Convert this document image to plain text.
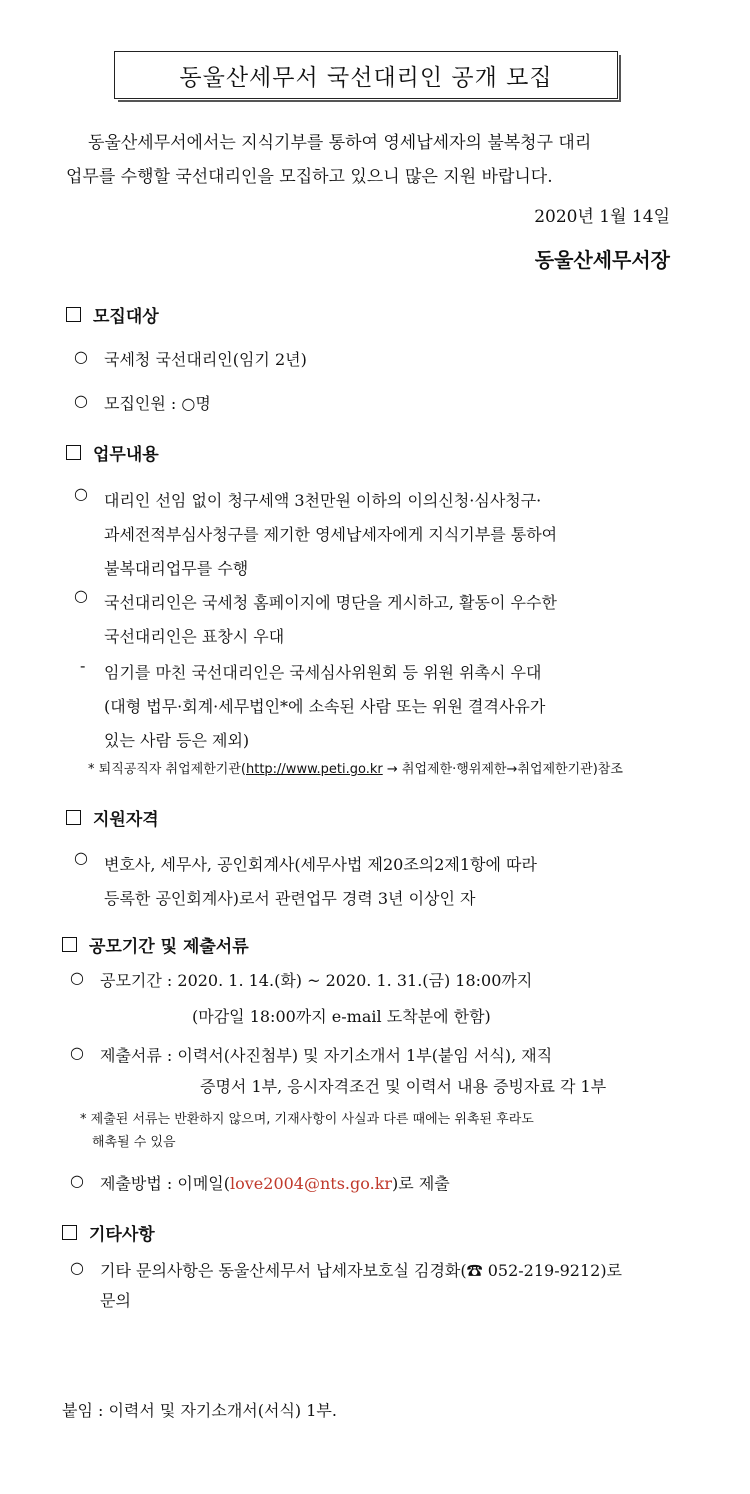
동울산세무서 국선대리인 공개 모집
동울산세무서에서는 지식기부를 통하여 영세납세자의 불복청구 대리
업무를 수행할 국선대리인을 모집하고 있으니 많은 지원 바랍니다.
2020년 1월 14일
동울산세무서장
모집대상
○	국세청 국선대리인(임기 2년)
○	모집인원 : ○명
업무내용
○	대리인 선임 없이 청구세액 3천만원 이하의 이의신청·심사청구·
과세전적부심사청구를 제기한 영세납세자에게 지식기부를 통하여
불복대리업무를 수행
○	국선대리인은 국세청 홈페이지에 명단을 게시하고, 활동이 우수한
국선대리인은 표창시 우대
-	임기를 마친 국선대리인은 국세심사위원회 등 위원 위촉시 우대
(대형 법무·회계·세무법인*에 소속된 사람 또는 위원 결격사유가
있는 사람 등은 제외)
* 퇴직공직자 취업제한기관(http://www.peti.go.kr → 취업제한·행위제한→취업제한기관)참조
지원자격
○	변호사, 세무사, 공인회계사(세무사법 제20조의2제1항에 따라
등록한 공인회계사)로서 관련업무 경력 3년 이상인 자
공모기간 및 제출서류
○	공모기간 : 2020. 1. 14.(화) ~ 2020. 1. 31.(금) 18:00까지
(마감일 18:00까지 e-mail 도착분에 한함)
○	제출서류 : 이력서(사진첨부) 및 자기소개서 1부(붙임 서식), 재직
증명서 1부, 응시자격조건 및 이력서 내용 증빙자료 각 1부
* 제출된 서류는 반환하지 않으며, 기재사항이 사실과 다른 때에는 위촉된 후라도
해촉될 수 있음
○	제출방법 : 이메일(love2004@nts.go.kr)로 제출
기타사항
○	기타 문의사항은 동울산세무서 납세자보호실 김경화(☎ 052-219-9212)로
문의
붙임 : 이력서 및 자기소개서(서식) 1부.
